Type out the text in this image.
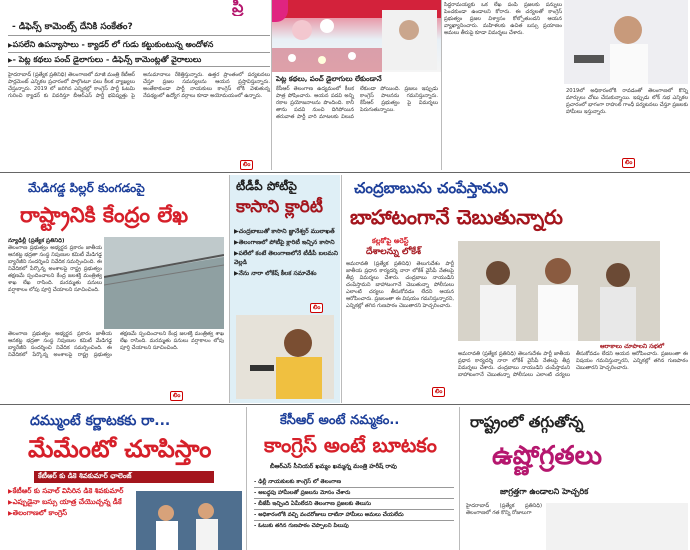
- డిఫెన్స్ కామెంట్స్ దేనికి సంకేతం?
▶ పసలేని ఉపన్యాసాలు - క్యాడర్ లో గుడు కట్టుకుంటున్న అందోళన
▶ - పెట్ల కథలు పంచ్ డైలాగులు - డిఫెన్స్ కామెంట్లతో వైరాలులు
హైదరాబాద్ (ప్రత్యేక ప్రతినిధి) తెలంగాణలో మాజీ మంత్రి కేటీఆర్ పార్లమెంట్ ఎన్నికల ప్రచారంలో పాల్గొంటూ పలు కీలక వ్యాఖ్యలు చేస్తున్నారు. 2019 లో జరిగిన ఎన్నికల్లో కాంగ్రెస్ పార్టీ ఓటమి గురించి క్యాడర్ కు వివరిస్తూ బీఆర్ఎస్ పార్టీ భవిష్యత్తు పై అనుమానాలు రేకెత్తిస్తున్నారు. ఉత్తర ప్రాంతంలో పర్యటనలు చేస్తూ ప్రజల సమస్యలను ఆయన ప్రస్తావిస్తున్నారు. అంతేకాకుండా పార్టీ నాయకులు కాంగ్రెస్ లోకి వెళుతున్న నేపథ్యంలో ఉద్యోగ వర్గాలు కూడా అయోమయంలో ఉన్నారు.
లిం
పెట్ల కథలు, పంచ్ డైలాగులు లేకుండానే
కేసీఆర్ తెలంగాణ ఉద్యమంలో కీలక పాత్ర పోషించారు. ఆయన పదవి అన్ని రకాల ప్రయోజనాలను పొందింది. కానీ తాను పదవి నుంచి దిగిపోయిన తరువాత పార్టీ వారి మాటలకు విలువ లేకుండా పోయింది. ప్రజలు ఇప్పుడు కాంగ్రెస్ పాలనను గమనిస్తున్నారు. కేసీఆర్ ప్రభుత్వం పై విమర్శలు పెరుగుతున్నాయి.
సిద్ధరామయ్యకు ఒక లేఖ పంపి ప్రజలకు పన్నులు పెంచకుండా ఉండాలని కోరారు. ఈ చర్యలతో కాంగ్రెస్ ప్రభుత్వం ప్రజల విశ్వాసం కోల్పోతుందని ఆయన వ్యాఖ్యానించారు. మహిళలకు ఉచిత బస్సు ప్రయాణం అమలు తీరుపై కూడా విమర్శలు చేశారు.
2019లో అధికారంలోకి రావడంతో తెలంగాణలో కొన్ని మార్పులు చోటు చేసుకున్నాయి. ఇప్పుడు లోక్ సభ ఎన్నికల ప్రచారంలో భాగంగా రాహుల్ గాంధీ పర్యటనలు చేస్తూ ప్రజలకు హామీలు ఇస్తున్నారు.
లిం
ప్రి
మేడిగడ్డ పిల్లర్ కుంగడంపై
రాష్ట్రానికి కేంద్రం లేఖ
న్యూఢిల్లీ (ప్రత్యేక ప్రతినిధి)
తెలంగాణ ప్రభుత్వం అభ్యర్థన ప్రకారం జాతీయ ఆనకట్ట భద్రతా సంస్థ నిపుణుల కమిటీ మేడిగడ్డ బ్యారేజీని సందర్శించి నివేదిక సమర్పించింది. ఈ నివేదికలో పేర్కొన్న అంశాలపై రాష్ట్ర ప్రభుత్వం తక్షణమే స్పందించాలని కేంద్ర జలశక్తి మంత్రిత్వ శాఖ లేఖ రాసింది. మరమ్మతు పనులు వర్షాకాలం లోపు పూర్తి చేయాలని సూచించింది.
తెలంగాణ ప్రభుత్వం అభ్యర్థన ప్రకారం జాతీయ ఆనకట్ట భద్రతా సంస్థ నిపుణుల కమిటీ మేడిగడ్డ బ్యారేజీని సందర్శించి నివేదిక సమర్పించింది. ఈ నివేదికలో పేర్కొన్న అంశాలపై రాష్ట్ర ప్రభుత్వం తక్షణమే స్పందించాలని కేంద్ర జలశక్తి మంత్రిత్వ శాఖ లేఖ రాసింది. మరమ్మతు పనులు వర్షాకాలం లోపు పూర్తి చేయాలని సూచించింది.
లిం
టీడీపీ పోటీపై
కాసాని క్లారిటీ
▶ చంద్రబాబుతో కాసాని జ్ఞానేశ్వర్ ములాఖత్
▶ తెలంగాణలో పోటీపై క్లారిటీ ఇచ్చిన కాసాని
▶ పలేలో కంటే తెలంగాణలోనే టీడీపీ బలమని వెల్లడి
▶ నేను నారా లోకేష్ కీలక సమావేశం
లిం
చంద్రబాబును చంపేస్తామని
బాహాటంగానే చెబుతున్నారు
కల్లకోపై అరెస్ట్
దేశాలన్ను లోకేశ్
అమరావతి (ప్రత్యేక ప్రతినిధి) తెలుగుదేశం పార్టీ జాతీయ ప్రధాన కార్యదర్శి నారా లోకేశ్ వైసీపీ నేతలపై తీవ్ర విమర్శలు చేశారు. చంద్రబాబు నాయుడిని చంపేస్తామని బాహాటంగానే చెబుతున్నా పోలీసులు ఎలాంటి చర్యలు తీసుకోవడం లేదని ఆయన ఆరోపించారు. ప్రజలంతా ఈ విషయం గమనిస్తున్నారని, ఎన్నికల్లో తగిన గుణపాఠం చెబుతారని హెచ్చరించారు.
ఆరాకాలు చూపాలని సభలో
అమరావతి (ప్రత్యేక ప్రతినిధి) తెలుగుదేశం పార్టీ జాతీయ ప్రధాన కార్యదర్శి నారా లోకేశ్ వైసీపీ నేతలపై తీవ్ర విమర్శలు చేశారు. చంద్రబాబు నాయుడిని చంపేస్తామని బాహాటంగానే చెబుతున్నా పోలీసులు ఎలాంటి చర్యలు తీసుకోవడం లేదని ఆయన ఆరోపించారు. ప్రజలంతా ఈ విషయం గమనిస్తున్నారని, ఎన్నికల్లో తగిన గుణపాఠం చెబుతారని హెచ్చరించారు.
లిం
దమ్ముంటే కర్ణాటకకు రా...
మేమేంటో చూపిస్తాం
కేటీఆర్ కు డికె శివకుమార్ ఛాలెంజ్
▶ కేటీఆర్ కు సవాల్ విసిరిన డికె శివకుమార్
▶ ఎప్పుడైనా బస్సు యాత్ర చేయొచ్చన్న డీకే
▶ తెలంగాణలో కాంగ్రెస్
కేసీఆర్ అంటే నమ్మకం..
కాంగ్రెస్ అంటే బూటకం
బీఆర్ఎస్ సీనియర్ ఖమ్మం ఖమ్మన్న మంత్రి హరీష్ రావు
- ఢిల్లీ నాయకులకు కాంగ్రెస్ లో తెలంగాణ
- అబద్ధపు హామీలతో ప్రజలను మోసం చేశారు
- బీజేపీ ఇచ్చింది ఏమీలేదని తెలంగాణ ప్రజలకు తెలుసు
- అధికారంలోకి వచ్చి వందరోజులు దాటినా హామీలు అమలు చేయలేదు
- ఓటుకు తగిన గుణపాఠం చెప్పాలని పిలుపు
రాష్ట్రంలో తగ్గుతోన్న
ఉష్ణోగ్రతలు
జాగ్రత్తగా ఉండాలని హెచ్చరిక
హైదరాబాద్ (ప్రత్యేక ప్రతినిధి) తెలంగాణలో గత కొన్ని రోజులుగా
